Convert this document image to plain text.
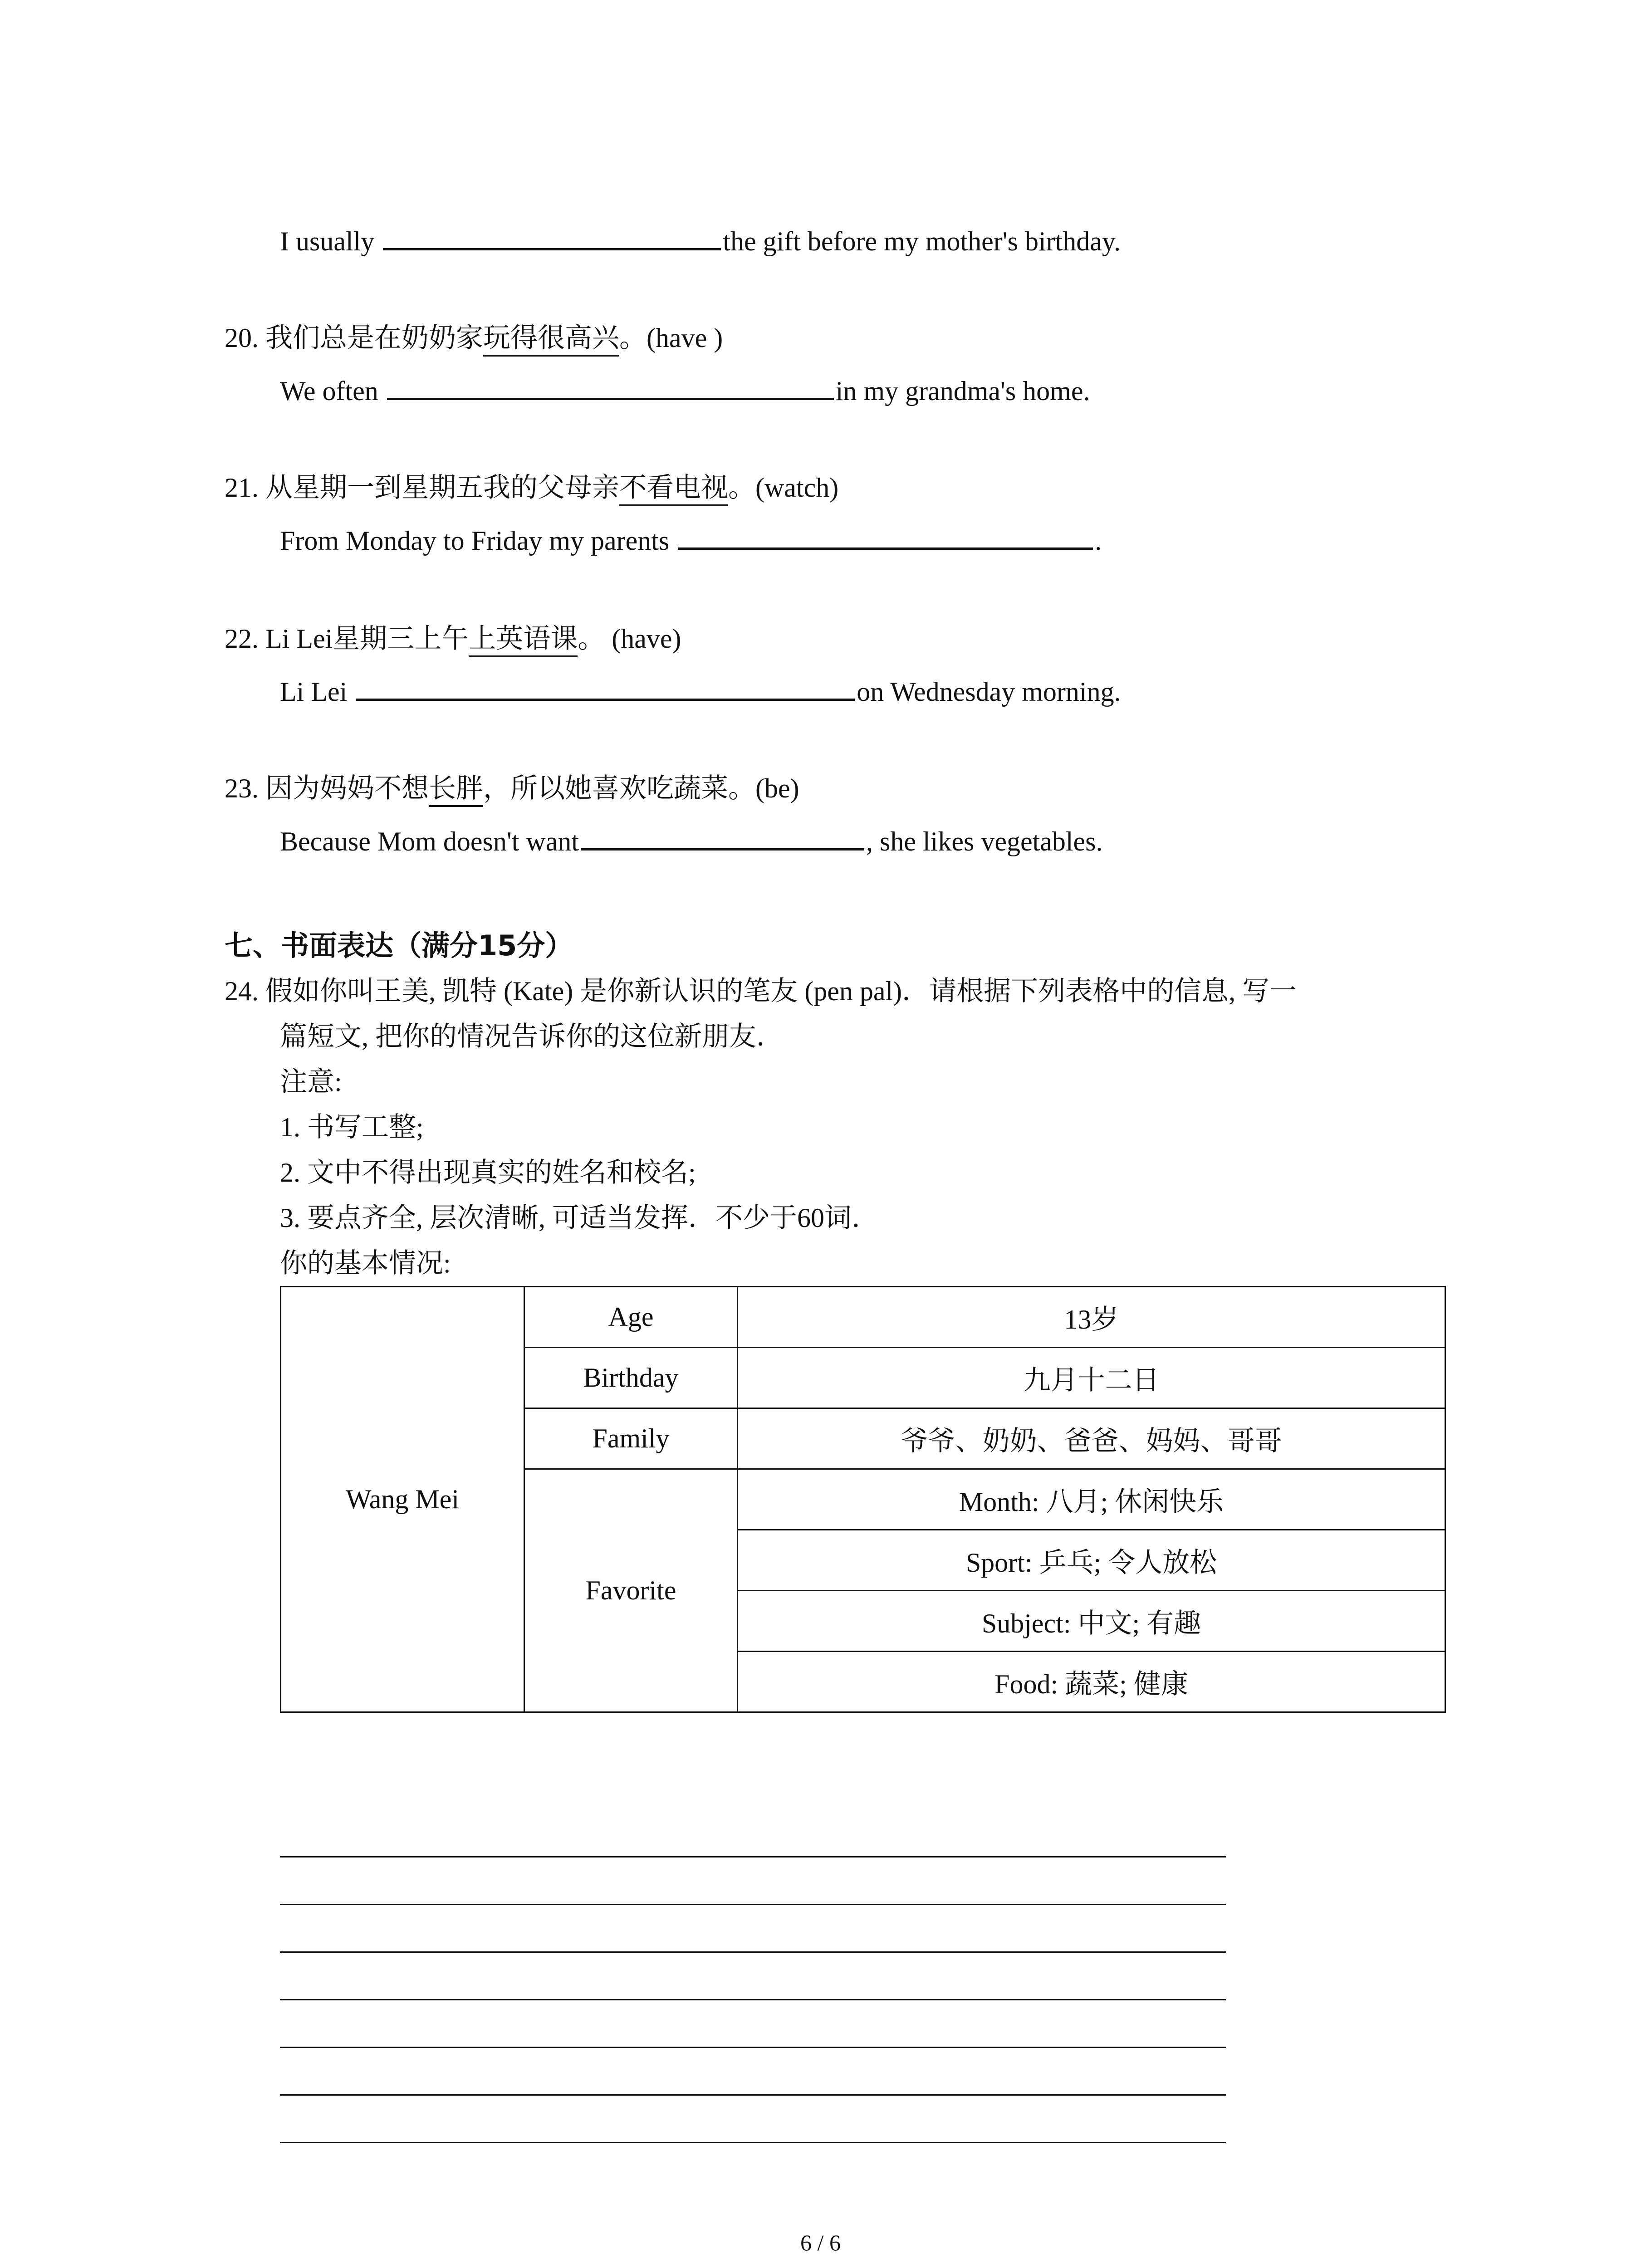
I usually	the gift before my mother's birthday.
20. 我们总是在奶奶家玩得很高兴。(have )
We often	in my grandma's home.
21. 从星期一到星期五我的父母亲不看电视。(watch)
From Monday to Friday my parents	.
22. Li Lei星期三上午上英语课。 (have)
Li Lei	on Wednesday morning.
23. 因为妈妈不想长胖，所以她喜欢吃蔬菜。(be)
Because Mom doesn't want	, she likes vegetables.
七、书面表达（满分15分）
24. 假如你叫王美, 凯特 (Kate) 是你新认识的笔友 (pen pal)．请根据下列表格中的信息, 写一
篇短文, 把你的情况告诉你的这位新朋友．
注意:
1. 书写工整;
2. 文中不得出现真实的姓名和校名;
3. 要点齐全, 层次清晰, 可适当发挥．不少于60词．
你的基本情况:
Wang Mei	Age	13岁
	Birthday	九月十二日
	Family	爷爷、奶奶、爸爸、妈妈、哥哥
	Favorite	Month: 八月; 休闲快乐
		Sport: 乒乓; 令人放松
		Subject: 中文; 有趣
		Food: 蔬菜; 健康
6 / 6
